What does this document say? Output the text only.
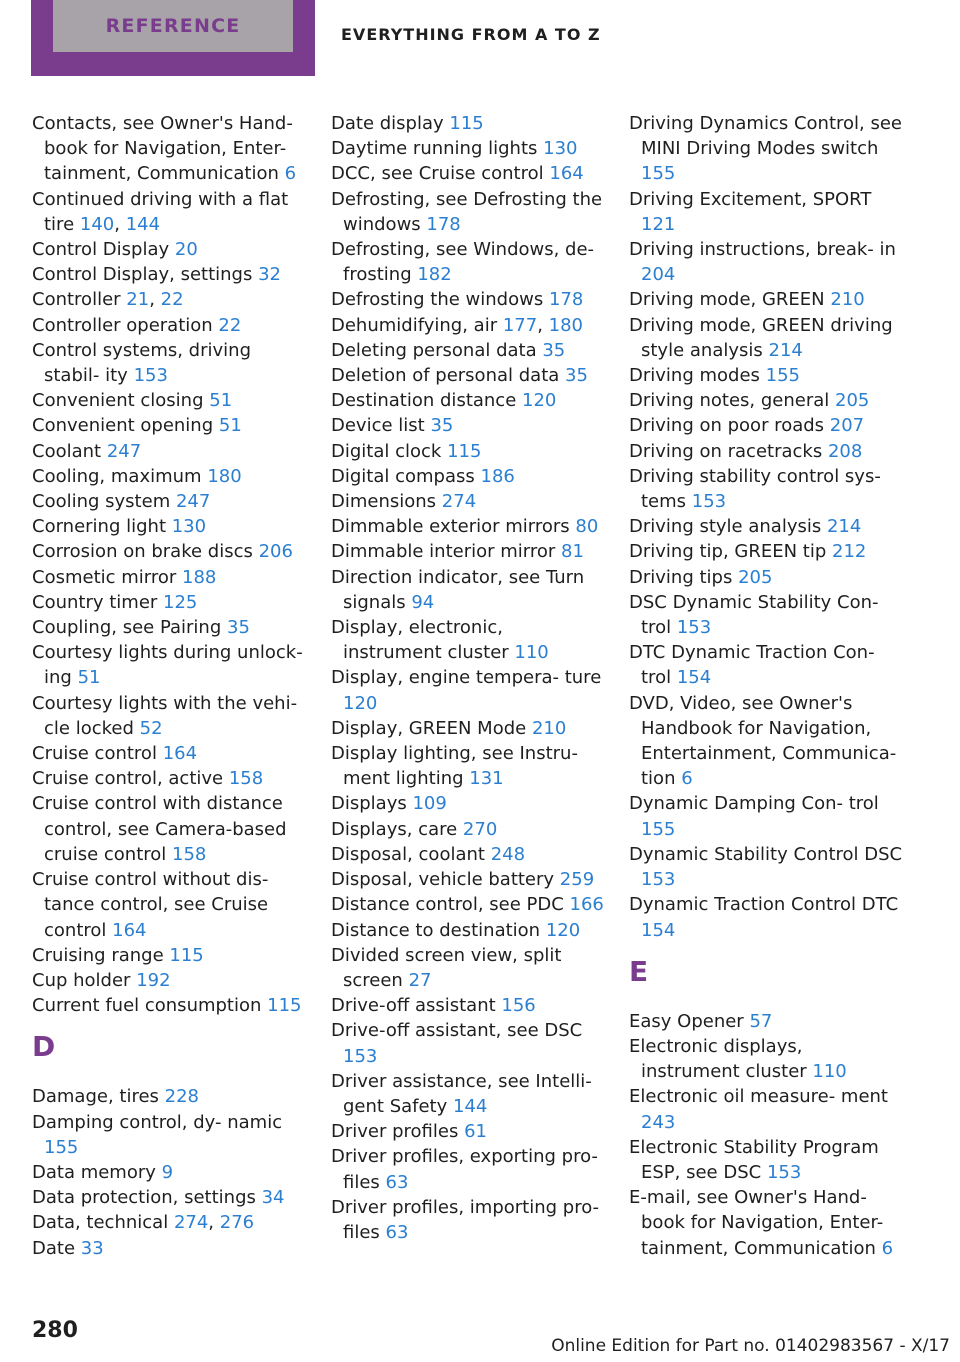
REFERENCE	EVERYTHING FROM A TO Z
Contacts, see Owner's Hand- book for Navigation, Enter- tainment, Communication 6
Continued driving with a flat tire 140, 144
Control Display 20
Control Display, settings 32
Controller 21, 22
Controller operation 22
Control systems, driving stabil- ity 153
Convenient closing 51
Convenient opening 51
Coolant 247
Cooling, maximum 180
Cooling system 247
Cornering light 130
Corrosion on brake discs 206
Cosmetic mirror 188
Country timer 125
Coupling, see Pairing 35
Courtesy lights during unlock- ing 51
Courtesy lights with the vehi- cle locked 52
Cruise control 164
Cruise control, active 158
Cruise control with distance control, see Camera-based cruise control 158
Cruise control without dis- tance control, see Cruise control 164
Cruising range 115
Cup holder 192
Current fuel consumption 115
D
Damage, tires 228
Damping control, dy- namic 155
Data memory 9
Data protection, settings 34
Data, technical 274, 276
Date 33
Date display 115
Daytime running lights 130
DCC, see Cruise control 164
Defrosting, see Defrosting the windows 178
Defrosting, see Windows, de- frosting 182
Defrosting the windows 178
Dehumidifying, air 177, 180
Deleting personal data 35
Deletion of personal data 35
Destination distance 120
Device list 35
Digital clock 115
Digital compass 186
Dimensions 274
Dimmable exterior mirrors 80
Dimmable interior mirror 81
Direction indicator, see Turn signals 94
Display, electronic, instrument cluster 110
Display, engine tempera- ture 120
Display, GREEN Mode 210
Display lighting, see Instru- ment lighting 131
Displays 109
Displays, care 270
Disposal, coolant 248
Disposal, vehicle battery 259
Distance control, see PDC 166
Distance to destination 120
Divided screen view, split screen 27
Drive-off assistant 156
Drive-off assistant, see DSC 153
Driver assistance, see Intelli- gent Safety 144
Driver profiles 61
Driver profiles, exporting pro- files 63
Driver profiles, importing pro- files 63
Driving Dynamics Control, see MINI Driving Modes switch 155
Driving Excitement, SPORT 121
Driving instructions, break- in 204
Driving mode, GREEN 210
Driving mode, GREEN driving style analysis 214
Driving modes 155
Driving notes, general 205
Driving on poor roads 207
Driving on racetracks 208
Driving stability control sys- tems 153
Driving style analysis 214
Driving tip, GREEN tip 212
Driving tips 205
DSC Dynamic Stability Con- trol 153
DTC Dynamic Traction Con- trol 154
DVD, Video, see Owner's Handbook for Navigation, Entertainment, Communica- tion 6
Dynamic Damping Con- trol 155
Dynamic Stability Control DSC 153
Dynamic Traction Control DTC 154
E
Easy Opener 57
Electronic displays, instrument cluster 110
Electronic oil measure- ment 243
Electronic Stability Program ESP, see DSC 153
E-mail, see Owner's Hand- book for Navigation, Enter- tainment, Communication 6
280
Online Edition for Part no. 01402983567 - X/17
